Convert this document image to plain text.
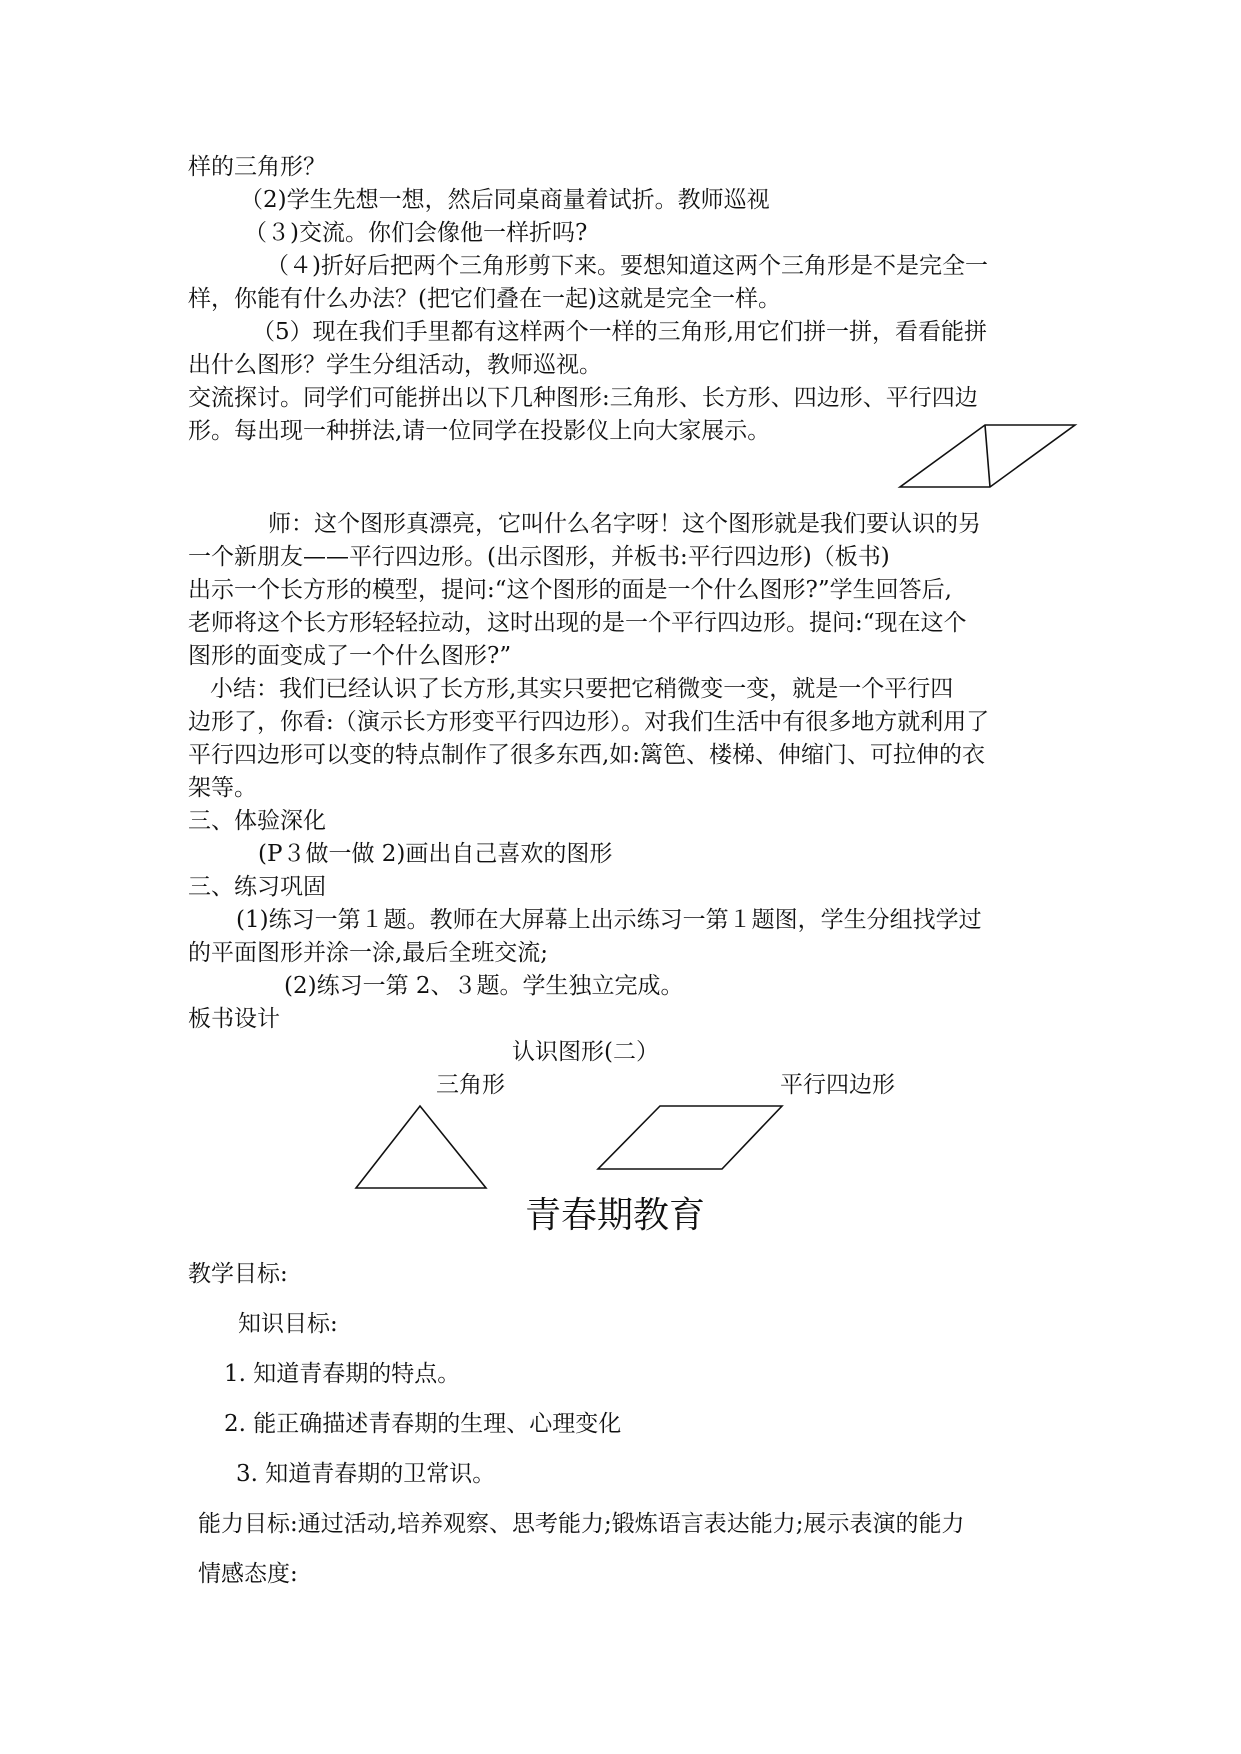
样的三角形？
（2)学生先想一想，然后同桌商量着试折。教师巡视
（３)交流。你们会像他一样折吗?
（４)折好后把两个三角形剪下来。要想知道这两个三角形是不是完全一
样，你能有什么办法？(把它们叠在一起)这就是完全一样。
（5）现在我们手里都有这样两个一样的三角形,用它们拼一拼，看看能拼
出什么图形？学生分组活动，教师巡视。
交流探讨。同学们可能拼出以下几种图形:三角形、长方形、四边形、平行四边
形。每出现一种拼法,请一位同学在投影仪上向大家展示。
师：这个图形真漂亮，它叫什么名字呀！这个图形就是我们要认识的另
一个新朋友——平行四边形。(出示图形，并板书:平行四边形)（板书)
出示一个长方形的模型，提问:“这个图形的面是一个什么图形?”学生回答后,
老师将这个长方形轻轻拉动，这时出现的是一个平行四边形。提问:“现在这个
图形的面变成了一个什么图形?”
小结：我们已经认识了长方形,其实只要把它稍微变一变，就是一个平行四
边形了，你看:（演示长方形变平行四边形）。对我们生活中有很多地方就利用了
平行四边形可以变的特点制作了很多东西,如:篱笆、楼梯、伸缩门、可拉伸的衣
架等。
三、体验深化
(P３做一做 2)画出自己喜欢的图形
三、练习巩固
(1)练习一第１题。教师在大屏幕上出示练习一第１题图，学生分组找学过
的平面图形并涂一涂,最后全班交流;
(2)练习一第 2、３题。学生独立完成。
板书设计
认识图形(二）
三角形	平行四边形
青春期教育
教学目标:
知识目标:
1. 知道青春期的特点。
2. 能正确描述青春期的生理、心理变化
3. 知道青春期的卫常识。
能力目标:通过活动,培养观察、思考能力;锻炼语言表达能力;展示表演的能力
情感态度:
